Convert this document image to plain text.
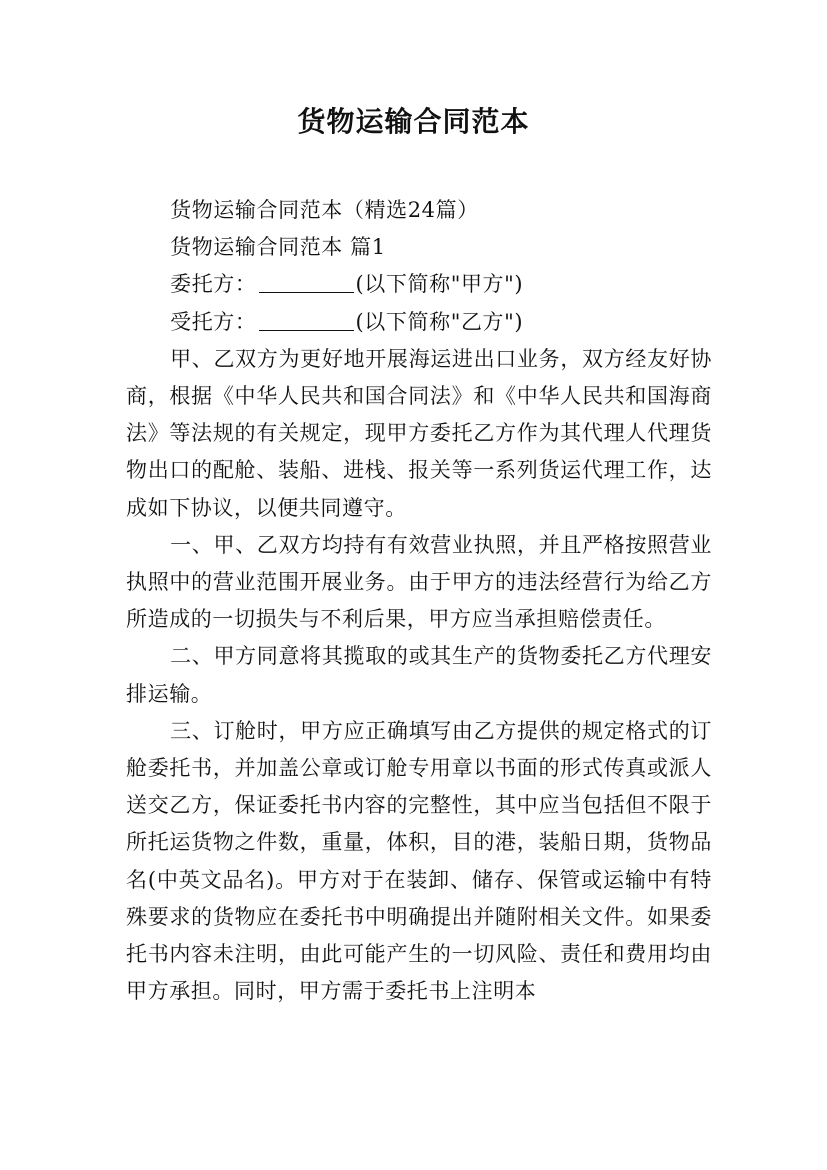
货物运输合同范本

货物运输合同范本（精选24篇）

货物运输合同范本 篇1

委托方：	(以下简称"甲方")

受托方：	(以下简称"乙方")

甲、乙双方为更好地开展海运进出口业务，双方经友好协商，根据《中华人民共和国合同法》和《中华人民共和国海商法》等法规的有关规定，现甲方委托乙方作为其代理人代理货物出口的配舱、装船、进栈、报关等一系列货运代理工作，达成如下协议，以便共同遵守。

一、甲、乙双方均持有有效营业执照，并且严格按照营业执照中的营业范围开展业务。由于甲方的违法经营行为给乙方所造成的一切损失与不利后果，甲方应当承担赔偿责任。

二、甲方同意将其揽取的或其生产的货物委托乙方代理安排运输。

三、订舱时，甲方应正确填写由乙方提供的规定格式的订舱委托书，并加盖公章或订舱专用章以书面的形式传真或派人送交乙方，保证委托书内容的完整性，其中应当包括但不限于所托运货物之件数，重量，体积，目的港，装船日期，货物品名(中英文品名)。甲方对于在装卸、储存、保管或运输中有特殊要求的货物应在委托书中明确提出并随附相关文件。如果委托书内容未注明，由此可能产生的一切风险、责任和费用均由甲方承担。同时，甲方需于委托书上注明本
